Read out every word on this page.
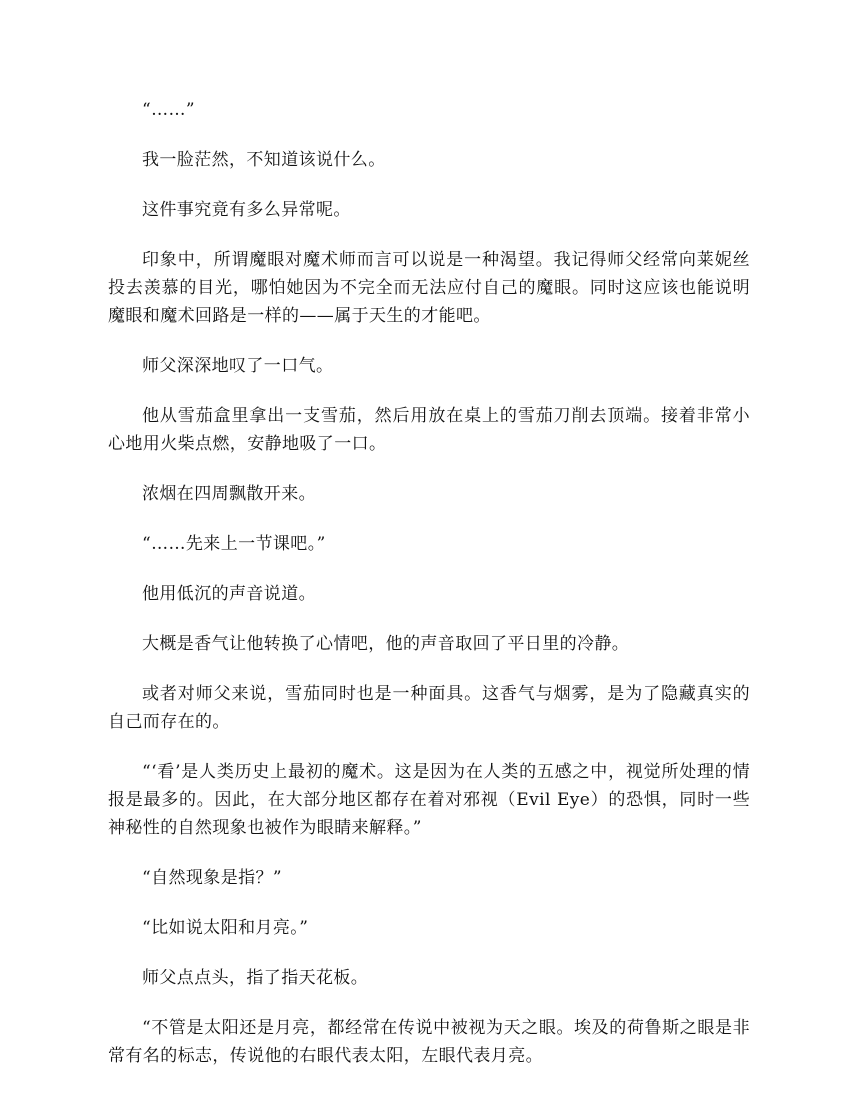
“……”

我一脸茫然，不知道该说什么。

这件事究竟有多么异常呢。

印象中，所谓魔眼对魔术师而言可以说是一种渴望。我记得师父经常向莱妮丝投去羡慕的目光，哪怕她因为不完全而无法应付自己的魔眼。同时这应该也能说明魔眼和魔术回路是一样的——属于天生的才能吧。

师父深深地叹了一口气。

他从雪茄盒里拿出一支雪茄，然后用放在桌上的雪茄刀削去顶端。接着非常小心地用火柴点燃，安静地吸了一口。

浓烟在四周飘散开来。

“……先来上一节课吧。”

他用低沉的声音说道。

大概是香气让他转换了心情吧，他的声音取回了平日里的冷静。

或者对师父来说，雪茄同时也是一种面具。这香气与烟雾，是为了隐藏真实的自己而存在的。

“‘看’是人类历史上最初的魔术。这是因为在人类的五感之中，视觉所处理的情报是最多的。因此，在大部分地区都存在着对邪视（Evil Eye）的恐惧，同时一些神秘性的自然现象也被作为眼睛来解释。”

“自然现象是指？”

“比如说太阳和月亮。”

师父点点头，指了指天花板。

“不管是太阳还是月亮，都经常在传说中被视为天之眼。埃及的荷鲁斯之眼是非常有名的标志，传说他的右眼代表太阳，左眼代表月亮。
